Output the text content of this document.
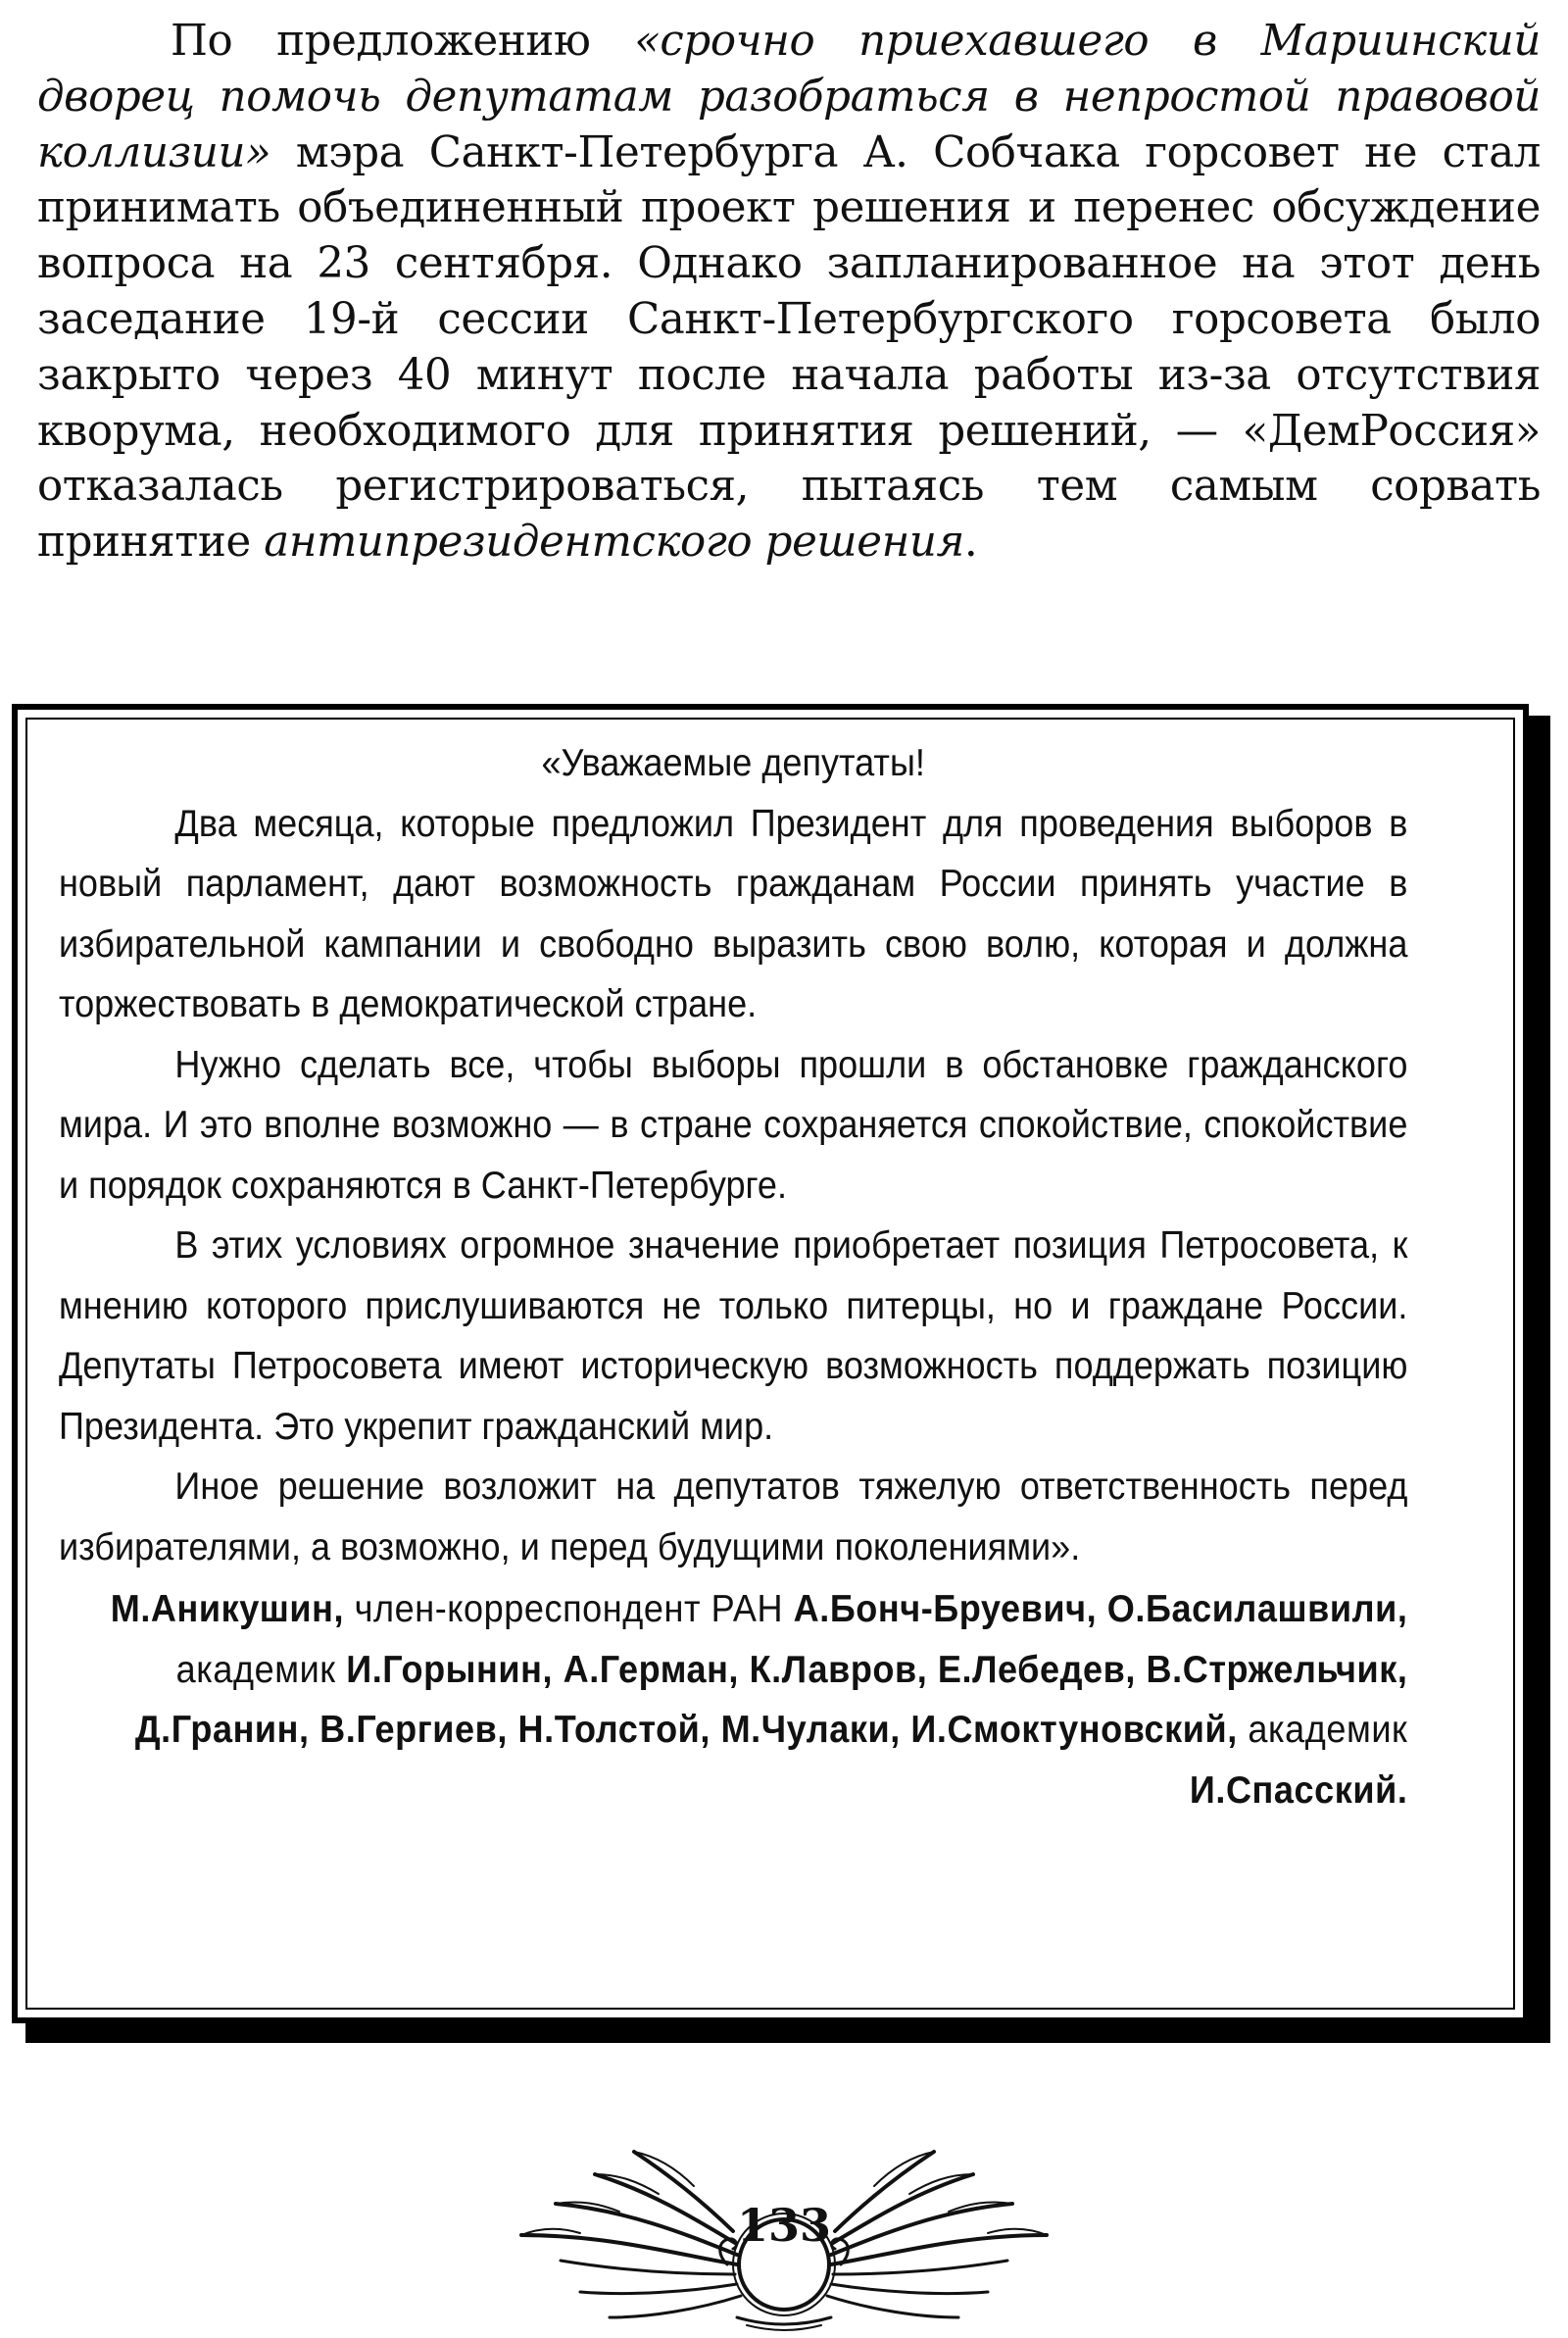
По предложению «срочно приехавшего в Мариинский дворец помочь депутатам разобраться в непростой правовой коллизии» мэра Санкт-Петербурга А. Собчака горсовет не стал принимать объединенный проект решения и перенес обсуждение вопроса на 23 сентября. Однако запланированное на этот день заседание 19-й сессии Санкт-Петербургского горсовета было закрыто через 40 минут после начала работы из-за отсутствия кворума, необходимого для принятия решений, — «ДемРоссия» отказалась регистрироваться, пытаясь тем самым сорвать принятие антипрезидентского решения.

«Уважаемые депутаты!

Два месяца, которые предложил Президент для проведения выборов в новый парламент, дают возможность гражданам России принять участие в избирательной кампании и свободно выразить свою волю, которая и должна торжествовать в демократической стране.

Нужно сделать все, чтобы выборы прошли в обстановке гражданского мира. И это вполне возможно — в стране сохраняется спокойствие, спокойствие и порядок сохраняются в Санкт-Петербурге.

В этих условиях огромное значение приобретает позиция Петросовета, к мнению которого прислушиваются не только питерцы, но и граждане России. Депутаты Петросовета имеют историческую возможность поддержать позицию Президента. Это укрепит гражданский мир.

Иное решение возложит на депутатов тяжелую ответственность перед избирателями, а возможно, и перед будущими поколениями».

М.Аникушин, член-корреспондент РАН А.Бонч-Бруевич, О.Басилашвили, академик И.Горынин, А.Герман, К.Лавров, Е.Лебедев, В.Стржельчик, Д.Гранин, В.Гергиев, Н.Толстой, М.Чулаки, И.Смоктуновский, академик И.Спасский.

133
